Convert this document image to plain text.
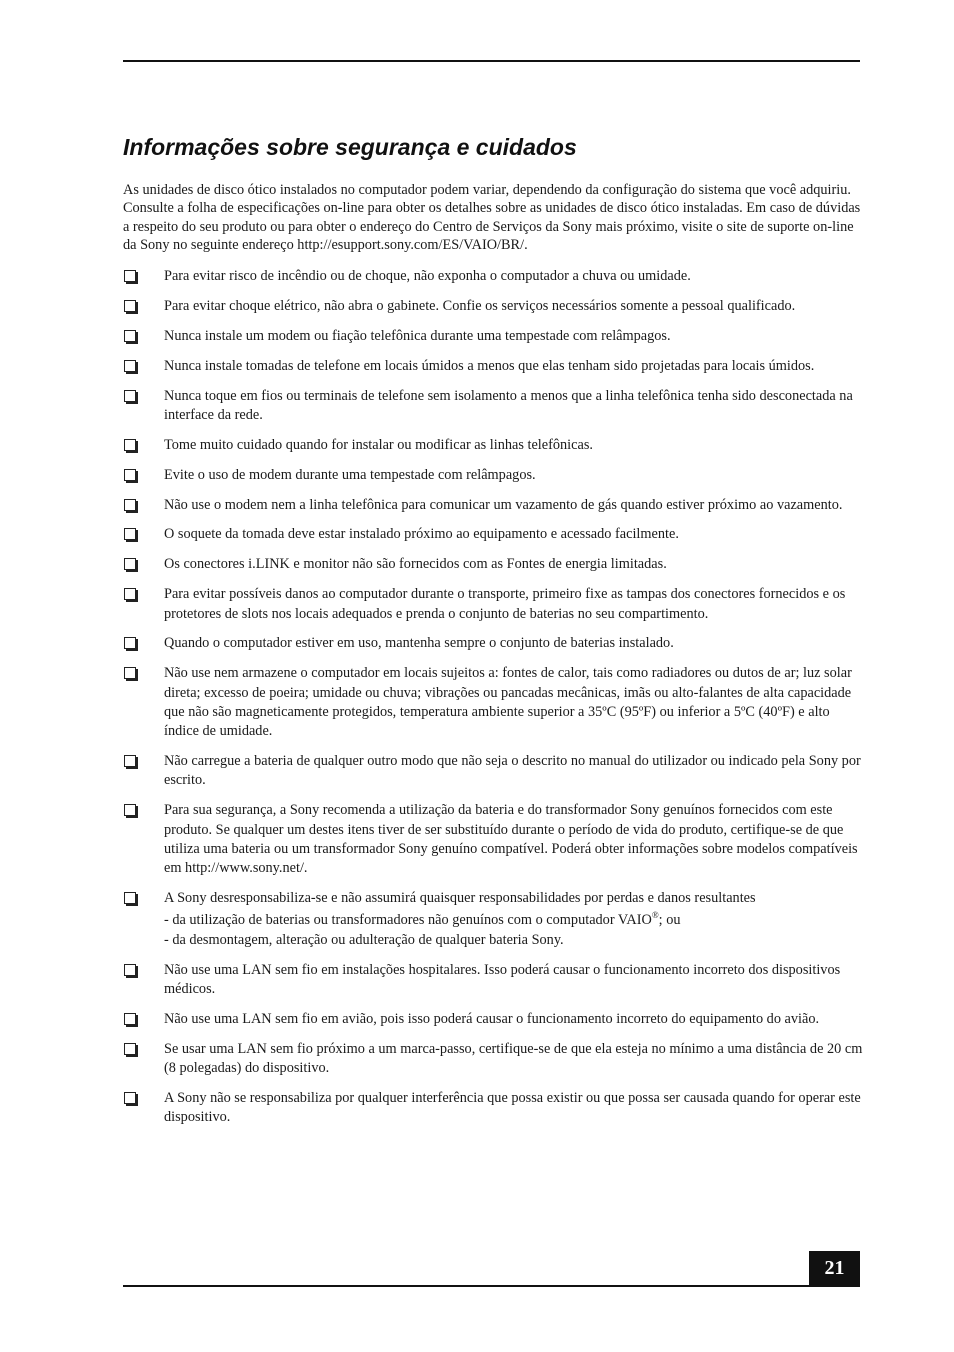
Informações sobre segurança e cuidados

As unidades de disco ótico instalados no computador podem variar, dependendo da configuração do sistema que você adquiriu. Consulte a folha de especificações on-line para obter os detalhes sobre as unidades de disco ótico instaladas. Em caso de dúvidas a respeito do seu produto ou para obter o endereço do Centro de Serviços da Sony mais próximo, visite o site de suporte on-line da Sony no seguinte endereço http://esupport.sony.com/ES/VAIO/BR/.

Para evitar risco de incêndio ou de choque, não exponha o computador a chuva ou umidade.
Para evitar choque elétrico, não abra o gabinete. Confie os serviços necessários somente a pessoal qualificado.
Nunca instale um modem ou fiação telefônica durante uma tempestade com relâmpagos.
Nunca instale tomadas de telefone em locais úmidos a menos que elas tenham sido projetadas para locais úmidos.
Nunca toque em fios ou terminais de telefone sem isolamento a menos que a linha telefônica tenha sido desconectada na interface da rede.
Tome muito cuidado quando for instalar ou modificar as linhas telefônicas.
Evite o uso de modem durante uma tempestade com relâmpagos.
Não use o modem nem a linha telefônica para comunicar um vazamento de gás quando estiver próximo ao vazamento.
O soquete da tomada deve estar instalado próximo ao equipamento e acessado facilmente.
Os conectores i.LINK e monitor não são fornecidos com as Fontes de energia limitadas.
Para evitar possíveis danos ao computador durante o transporte, primeiro fixe as tampas dos conectores fornecidos e os protetores de slots nos locais adequados e prenda o conjunto de baterias no seu compartimento.
Quando o computador estiver em uso, mantenha sempre o conjunto de baterias instalado.
Não use nem armazene o computador em locais sujeitos a: fontes de calor, tais como radiadores ou dutos de ar; luz solar direta; excesso de poeira; umidade ou chuva; vibrações ou pancadas mecânicas, imãs ou alto-falantes de alta capacidade que não são magneticamente protegidos, temperatura ambiente superior a 35ºC (95ºF) ou inferior a 5ºC (40ºF) e alto índice de umidade.
Não carregue a bateria de qualquer outro modo que não seja o descrito no manual do utilizador ou indicado pela Sony por escrito.
Para sua segurança, a Sony recomenda a utilização da bateria e do transformador Sony genuínos fornecidos com este produto. Se qualquer um destes itens tiver de ser substituído durante o período de vida do produto, certifique-se de que utiliza uma bateria ou um transformador Sony genuíno compatível. Poderá obter informações sobre modelos compatíveis em http://www.sony.net/.
A Sony desresponsabiliza-se e não assumirá quaisquer responsabilidades por perdas e danos resultantes
- da utilização de baterias ou transformadores não genuínos com o computador VAIO®; ou
- da desmontagem, alteração ou adulteração de qualquer bateria Sony.
Não use uma LAN sem fio em instalações hospitalares. Isso poderá causar o funcionamento incorreto dos dispositivos médicos.
Não use uma LAN sem fio em avião, pois isso poderá causar o funcionamento incorreto do equipamento do avião.
Se usar uma LAN sem fio próximo a um marca-passo, certifique-se de que ela esteja no mínimo a uma distância de 20 cm (8 polegadas) do dispositivo.
A Sony não se responsabiliza por qualquer interferência que possa existir ou que possa ser causada quando for operar este dispositivo.
21
